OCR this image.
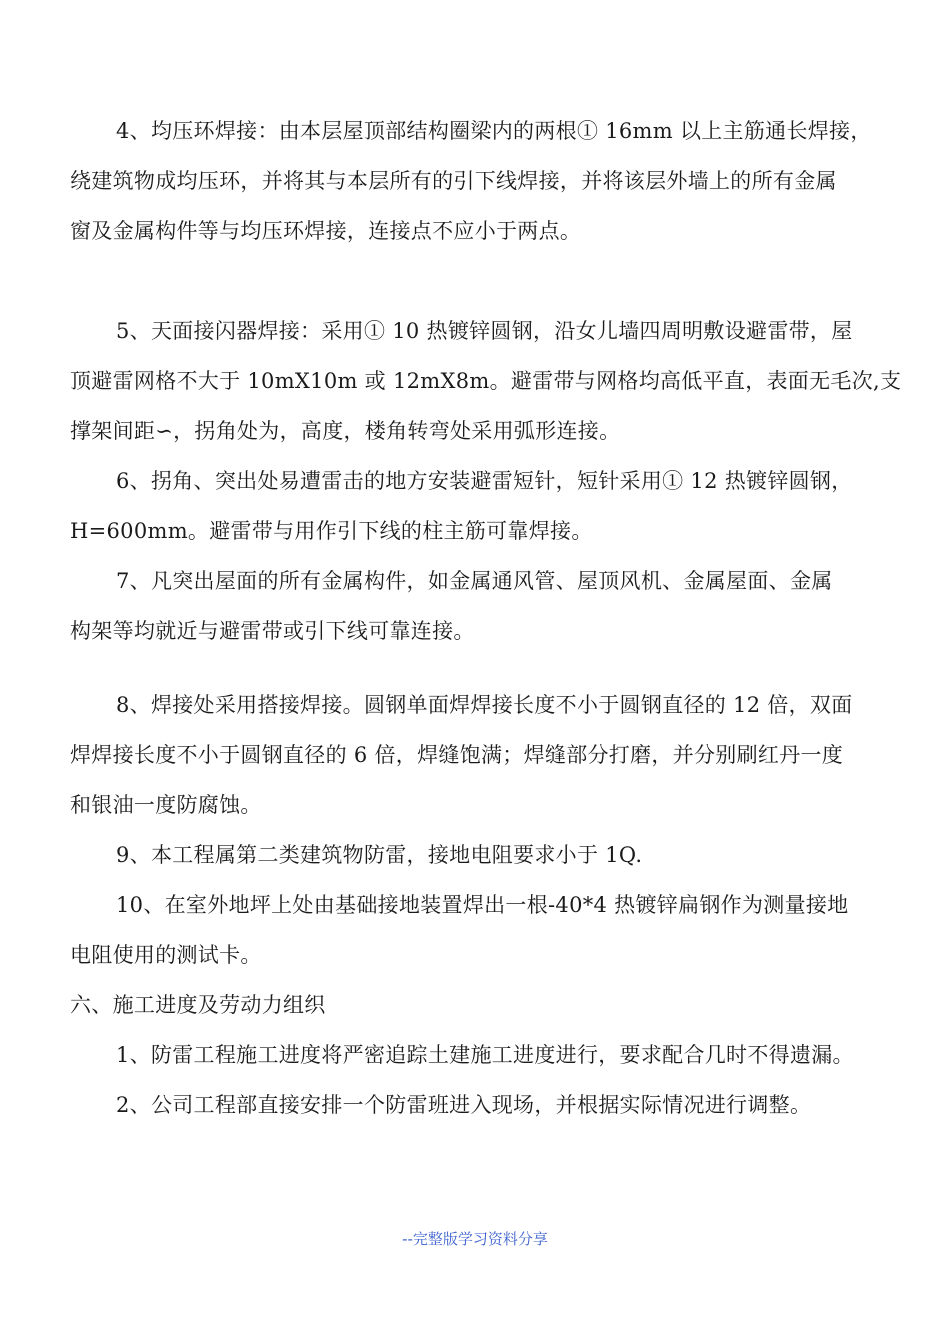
4、均压环焊接：由本层屋顶部结构圈梁内的两根① 16mm 以上主筋通长焊接，
绕建筑物成均压环，并将其与本层所有的引下线焊接，并将该层外墙上的所有金属
窗及金属构件等与均压环焊接，连接点不应小于两点。
5、天面接闪器焊接：采用① 10 热镀锌圆钢，沿女儿墙四周明敷设避雷带，屋
顶避雷网格不大于 10mX10m 或 12mX8m。避雷带与网格均高低平直，表面无毛次,支
撑架间距∽，拐角处为，高度，楼角转弯处采用弧形连接。
6、拐角、突出处易遭雷击的地方安装避雷短针，短针采用① 12 热镀锌圆钢，
H=600mm。避雷带与用作引下线的柱主筋可靠焊接。
7、凡突出屋面的所有金属构件，如金属通风管、屋顶风机、金属屋面、金属
构架等均就近与避雷带或引下线可靠连接。
8、焊接处采用搭接焊接。圆钢单面焊焊接长度不小于圆钢直径的 12 倍，双面
焊焊接长度不小于圆钢直径的 6 倍，焊缝饱满；焊缝部分打磨，并分别刷红丹一度
和银油一度防腐蚀。
9、本工程属第二类建筑物防雷，接地电阻要求小于 1Q.
10、在室外地坪上处由基础接地装置焊出一根-40*4 热镀锌扁钢作为测量接地
电阻使用的测试卡。
六、施工进度及劳动力组织
1、防雷工程施工进度将严密追踪土建施工进度进行，要求配合几时不得遗漏。
2、公司工程部直接安排一个防雷班进入现场，并根据实际情况进行调整。
--完整版学习资料分享
